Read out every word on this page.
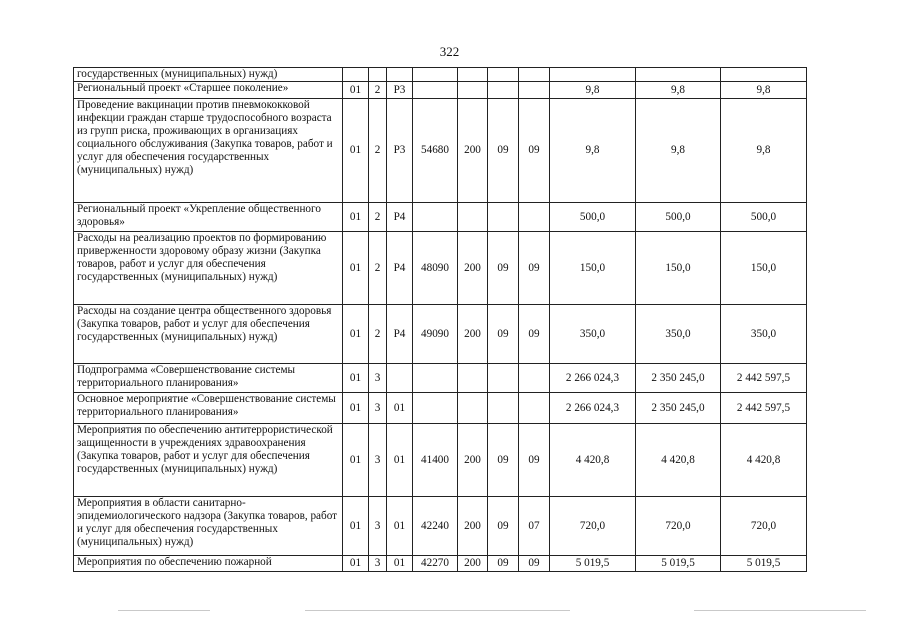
322
государственных (муниципальных) нужд)										
Региональный проект «Старшее поколение»	01	2	Р3					9,8	9,8	9,8
Проведение вакцинации против пневмококковой инфекции граждан старше трудоспособного возраста из групп риска, проживающих в организациях социального обслуживания (Закупка товаров, работ и услуг для обеспечения государственных (муниципальных) нужд)	01	2	Р3	54680	200	09	09	9,8	9,8	9,8
Региональный проект «Укрепление общественного здоровья»	01	2	Р4					500,0	500,0	500,0
Расходы на реализацию проектов по формированию приверженности здоровому образу жизни (Закупка товаров, работ и услуг для обеспечения государственных (муниципальных) нужд)	01	2	Р4	48090	200	09	09	150,0	150,0	150,0
Расходы на создание центра общественного здоровья (Закупка товаров, работ и услуг для обеспечения государственных (муниципальных) нужд)	01	2	Р4	49090	200	09	09	350,0	350,0	350,0
Подпрограмма «Совершенствование системы территориального планирования»	01	3						2 266 024,3	2 350 245,0	2 442 597,5
Основное мероприятие «Совершенствование системы территориального планирования»	01	3	01					2 266 024,3	2 350 245,0	2 442 597,5
Мероприятия по обеспечению антитеррористической защищенности в учреждениях здравоохранения (Закупка товаров, работ и услуг для обеспечения государственных (муниципальных) нужд)	01	3	01	41400	200	09	09	4 420,8	4 420,8	4 420,8
Мероприятия в области санитарно-эпидемиологического надзора (Закупка товаров, работ и услуг для обеспечения государственных (муниципальных) нужд)	01	3	01	42240	200	09	07	720,0	720,0	720,0
Мероприятия по обеспечению пожарной	01	3	01	42270	200	09	09	5 019,5	5 019,5	5 019,5
